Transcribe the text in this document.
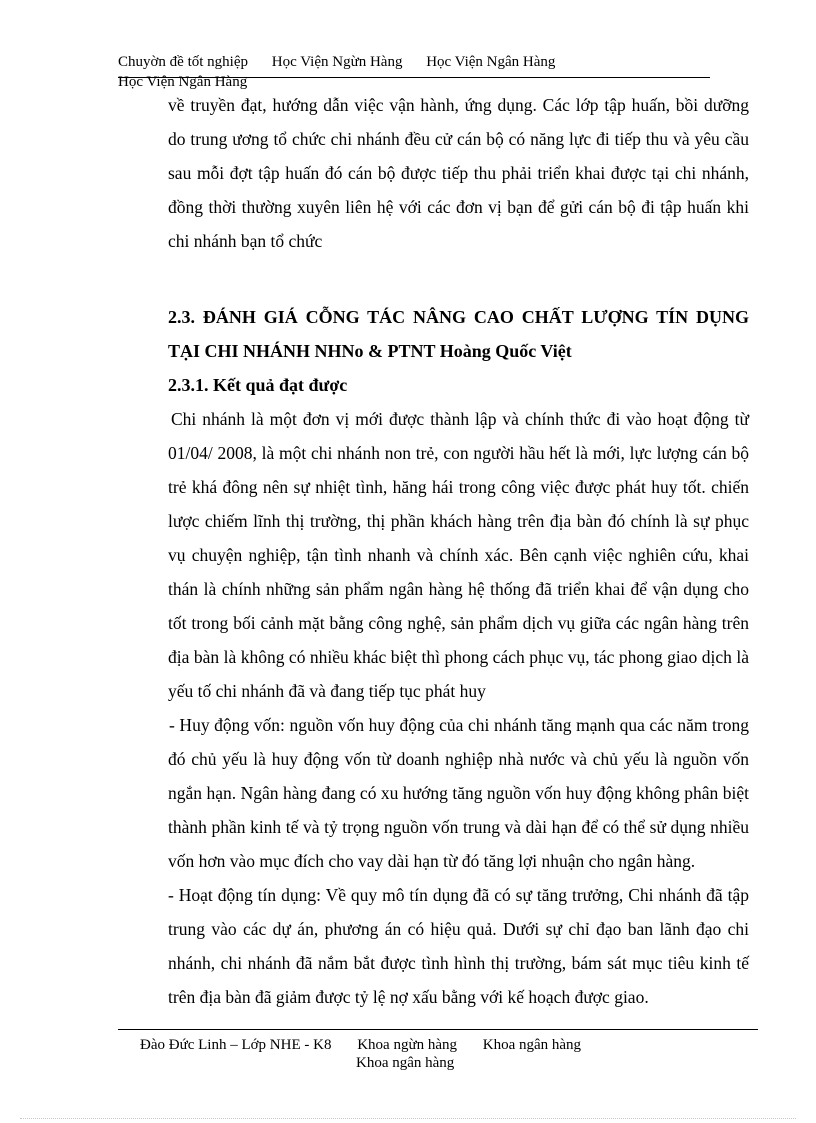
Chuyờn đề tốt nghiệp Học Viện Ngừn Hàng Học Viện Ngân Hàng
Học Viện Ngân Hàng

về truyền đạt, hướng dẫn việc vận hành, ứng dụng. Các lớp tập huấn, bồi dưỡng do trung ương tổ chức chi nhánh đều cử cán bộ có năng lực đi tiếp thu và yêu cầu sau mỗi đợt tập huấn đó cán bộ được tiếp thu phải triển khai được tại chi nhánh, đồng thời thường xuyên liên hệ với các đơn vị bạn để gửi cán bộ đi tập huấn khi chi nhánh bạn tổ chức

2.3. ĐÁNH GIÁ CỖNG TÁC NÂNG CAO CHẤT LƯỢNG TÍN DỤNG TẠI CHI NHÁNH NHNo & PTNT Hoàng Quốc Việt

2.3.1. Kết quả đạt được

Chi nhánh là một đơn vị mới được thành lập và chính thức đi vào hoạt động từ 01/04/ 2008, là một chi nhánh non trẻ, con người hầu hết là mới, lực lượng cán bộ trẻ khá đông nên sự nhiệt tình, hăng hái trong công việc được phát huy tốt. chiến lược chiếm lĩnh thị trường, thị phần khách hàng trên địa bàn đó chính là sự phục vụ chuyện nghiệp, tận tình nhanh và chính xác. Bên cạnh việc nghiên cứu, khai thán là chính những sản phẩm ngân hàng hệ thống đã triển khai để vận dụng cho tốt trong bối cảnh mặt bằng công nghệ, sản phẩm dịch vụ giữa các ngân hàng trên địa bàn là không có nhiều khác biệt thì phong cách phục vụ, tác phong giao dịch là yếu tố chi nhánh đã và đang tiếp tục phát huy

- Huy động vốn: nguồn vốn huy động của chi nhánh tăng mạnh qua các năm trong đó chủ yếu là huy động vốn từ doanh nghiệp nhà nước và chủ yếu là nguồn vốn ngắn hạn. Ngân hàng đang có xu hướng tăng nguồn vốn huy động không phân biệt thành phần kinh tế và tỷ trọng nguồn vốn trung và dài hạn để có thể sử dụng nhiều vốn hơn vào mục đích cho vay dài hạn từ đó tăng lợi nhuận cho ngân hàng.

- Hoạt động tín dụng: Về quy mô tín dụng đã có sự tăng trưởng, Chi nhánh đã tập trung vào các dự án, phương án có hiệu quả. Dưới sự chỉ đạo ban lãnh đạo chi nhánh, chi nhánh đã nắm bắt được tình hình thị trường, bám sát mục tiêu kinh tế trên địa bàn đã giảm được tỷ lệ nợ xấu bằng với kế hoạch được giao.

Đào Đức Linh – Lớp NHE - K8 Khoa ngừn hàng Khoa ngân hàng
Khoa ngân hàng
